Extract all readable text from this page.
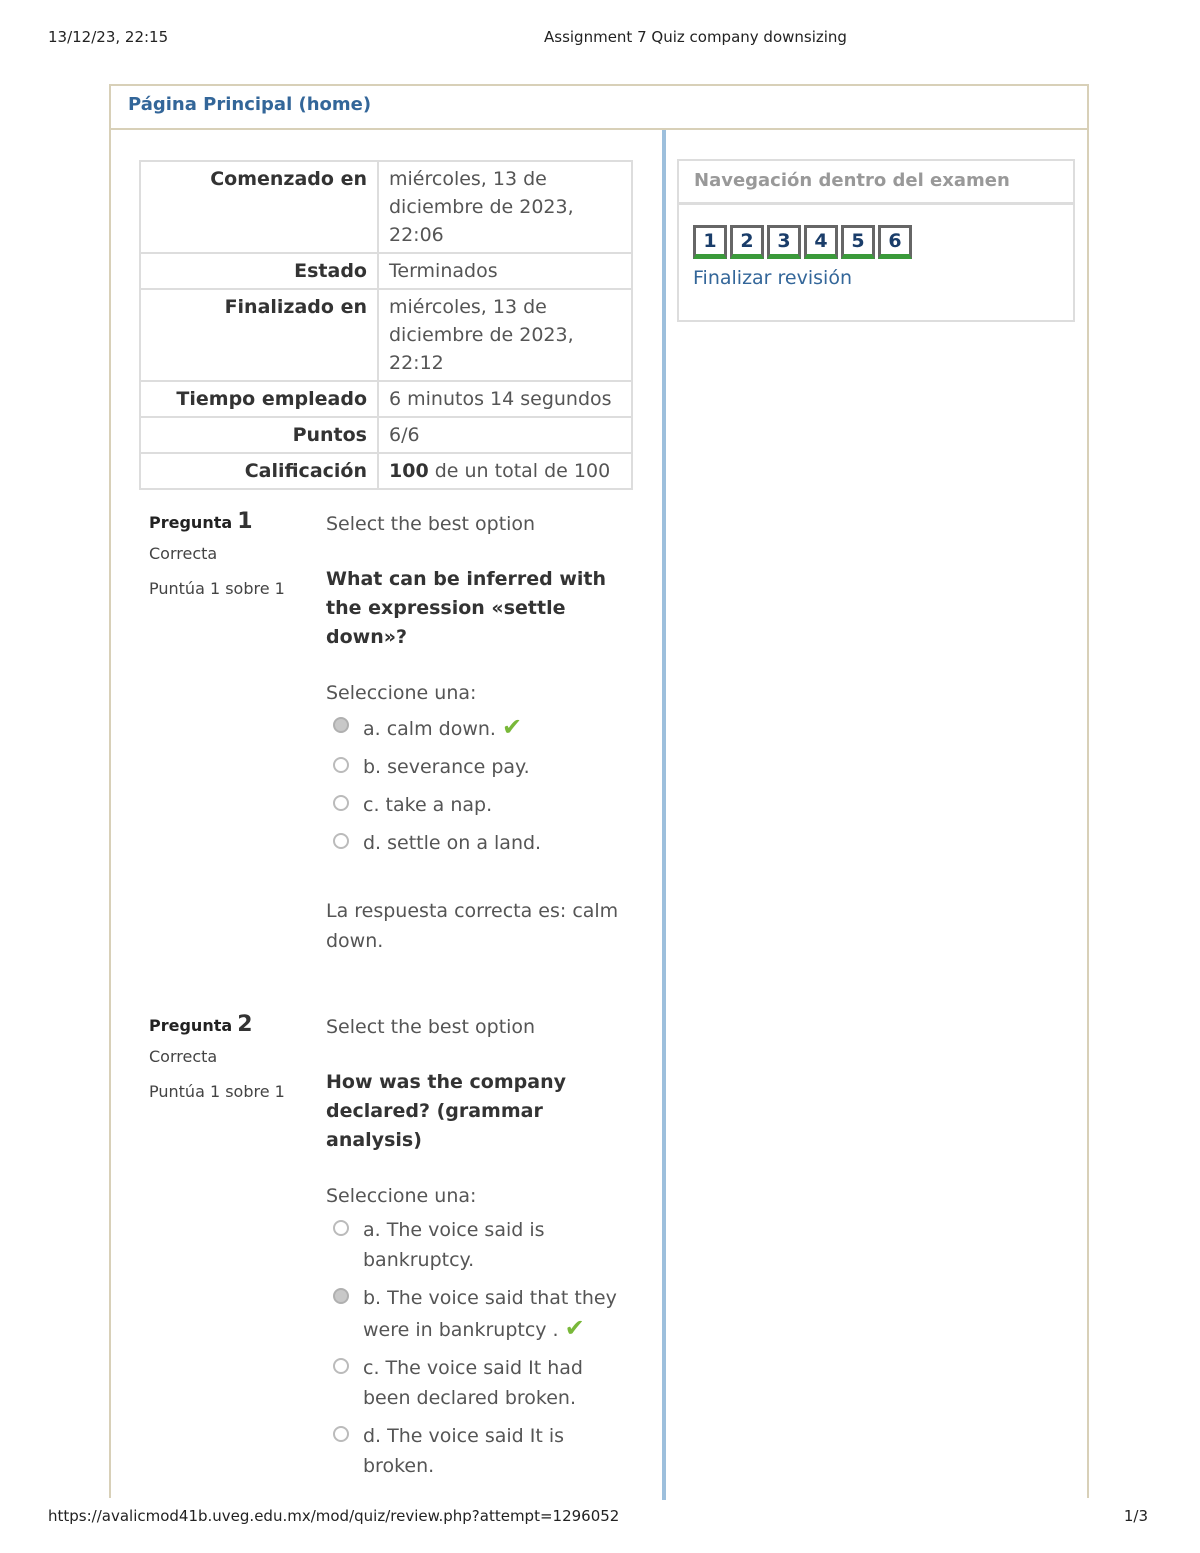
13/12/23, 22:15	Assignment 7 Quiz company downsizing
Página Principal (home)
Comenzado en	miércoles, 13 de diciembre de 2023, 22:06
Estado	Terminados
Finalizado en	miércoles, 13 de diciembre de 2023, 22:12
Tiempo empleado	6 minutos 14 segundos
Puntos	6/6
Calificación	100 de un total de 100
Pregunta 1
Correcta
Puntúa 1 sobre 1
Select the best option
What can be inferred with the expression «settle down»?
Seleccione una:
a. calm down. ✔
b. severance pay.
c. take a nap.
d. settle on a land.
La respuesta correcta es: calm down.
Pregunta 2
Correcta
Puntúa 1 sobre 1
Select the best option
How was the company declared? (grammar analysis)
Seleccione una:
a. The voice said is bankruptcy.
b. The voice said that they were in bankruptcy . ✔
c. The voice said It had been declared broken.
d. The voice said It is broken.
Navegación dentro del examen
1 2 3 4 5 6
Finalizar revisión
https://avalicmod41b.uveg.edu.mx/mod/quiz/review.php?attempt=1296052	1/3
